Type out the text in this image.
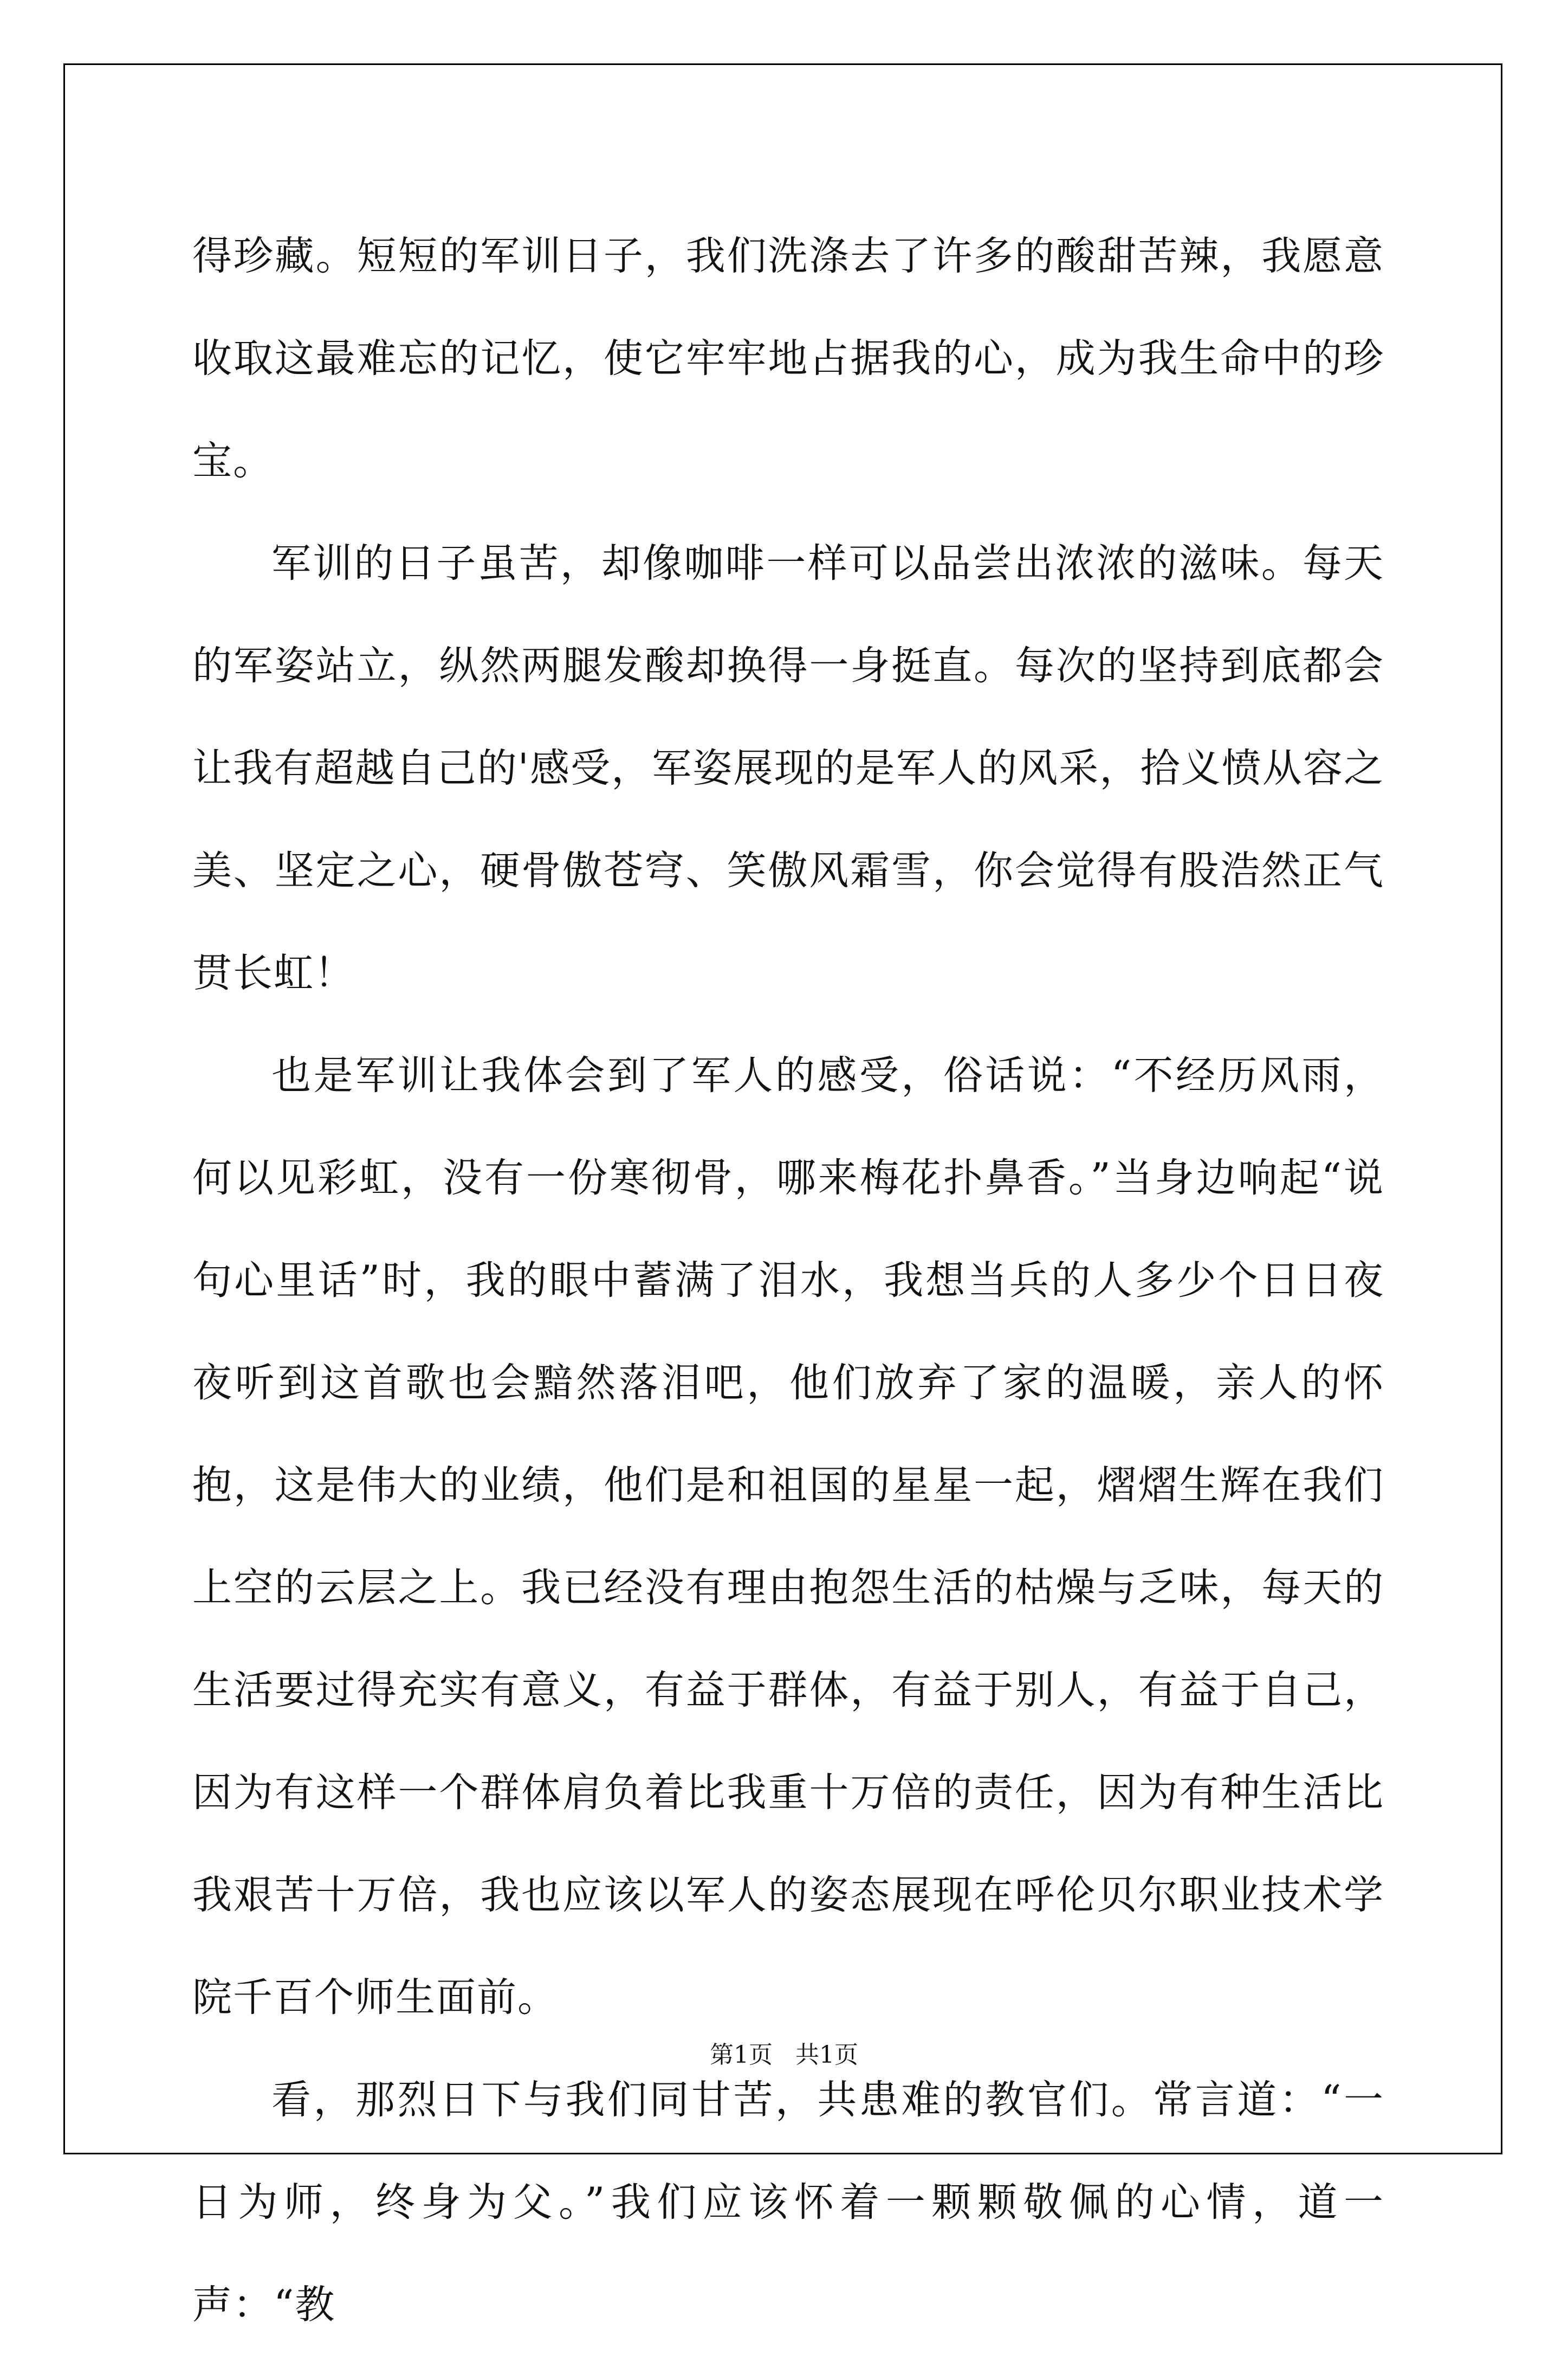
得珍藏。短短的军训日子，我们洗涤去了许多的酸甜苦辣，我愿意收取这最难忘的记忆，使它牢牢地占据我的心，成为我生命中的珍宝。

军训的日子虽苦，却像咖啡一样可以品尝出浓浓的滋味。每天的军姿站立，纵然两腿发酸却换得一身挺直。每次的坚持到底都会让我有超越自己的'感受，军姿展现的是军人的风采，拾义愤从容之美、坚定之心，硬骨傲苍穹、笑傲风霜雪，你会觉得有股浩然正气贯长虹！

也是军训让我体会到了军人的感受，俗话说：“不经历风雨，何以见彩虹，没有一份寒彻骨，哪来梅花扑鼻香。”当身边响起“说句心里话”时，我的眼中蓄满了泪水，我想当兵的人多少个日日夜夜听到这首歌也会黯然落泪吧，他们放弃了家的温暖，亲人的怀抱，这是伟大的业绩，他们是和祖国的星星一起，熠熠生辉在我们上空的云层之上。我已经没有理由抱怨生活的枯燥与乏味，每天的生活要过得充实有意义，有益于群体，有益于别人，有益于自己，因为有这样一个群体肩负着比我重十万倍的责任，因为有种生活比我艰苦十万倍，我也应该以军人的姿态展现在呼伦贝尔职业技术学院千百个师生面前。

看，那烈日下与我们同甘苦，共患难的教官们。常言道：“一日为师，终身为父。”我们应该怀着一颗颗敬佩的心情，道一声：“教

第1页   共1页
